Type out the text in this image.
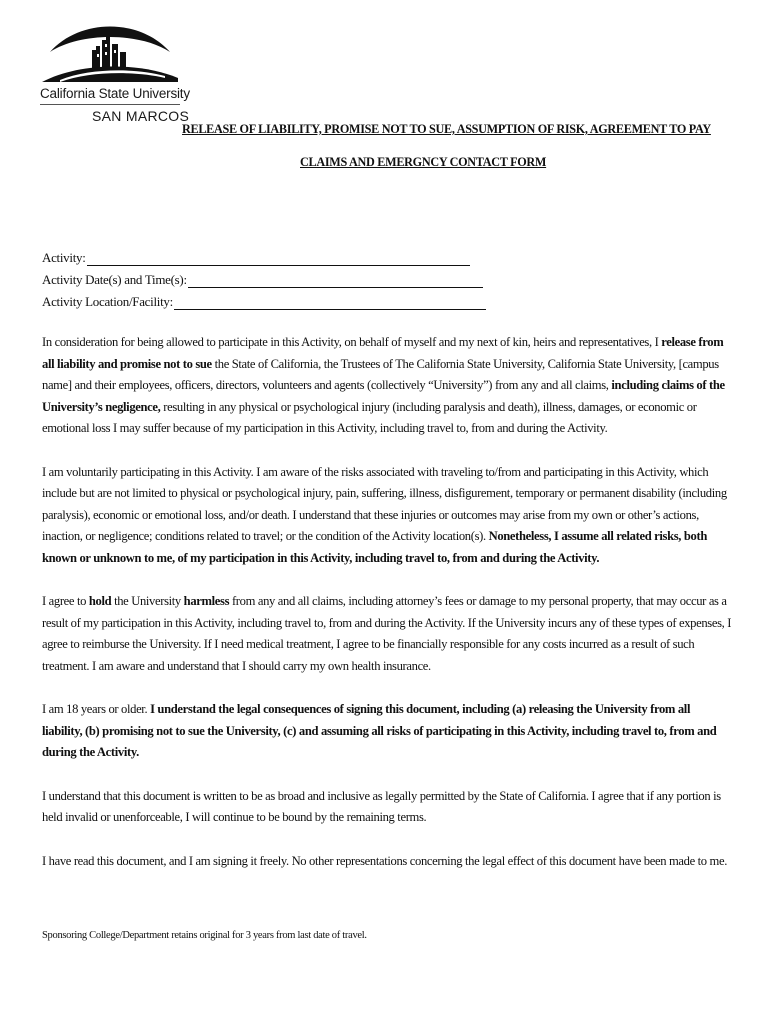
California State University
SAN MARCOS
RELEASE OF LIABILITY, PROMISE NOT TO SUE, ASSUMPTION OF RISK, AGREEMENT TO PAY
CLAIMS AND EMERGNCY CONTACT FORM
Activity:
Activity Date(s) and Time(s):
Activity Location/Facility:

In consideration for being allowed to participate in this Activity, on behalf of myself and my next of kin, heirs and representatives, I release from all liability and promise not to sue the State of California, the Trustees of The California State University, California State University, [campus name] and their employees, officers, directors, volunteers and agents (collectively “University”) from any and all claims, including claims of the University’s negligence, resulting in any physical or psychological injury (including paralysis and death), illness, damages, or economic or emotional loss I may suffer because of my participation in this Activity, including travel to, from and during the Activity.

I am voluntarily participating in this Activity. I am aware of the risks associated with traveling to/from and participating in this Activity, which include but are not limited to physical or psychological injury, pain, suffering, illness, disfigurement, temporary or permanent disability (including paralysis), economic or emotional loss, and/or death. I understand that these injuries or outcomes may arise from my own or other’s actions, inaction, or negligence; conditions related to travel; or the condition of the Activity location(s). Nonetheless, I assume all related risks, both known or unknown to me, of my participation in this Activity, including travel to, from and during the Activity.

I agree to hold the University harmless from any and all claims, including attorney’s fees or damage to my personal property, that may occur as a result of my participation in this Activity, including travel to, from and during the Activity. If the University incurs any of these types of expenses, I agree to reimburse the University. If I need medical treatment, I agree to be financially responsible for any costs incurred as a result of such treatment. I am aware and understand that I should carry my own health insurance.

I am 18 years or older. I understand the legal consequences of signing this document, including (a) releasing the University from all liability, (b) promising not to sue the University, (c) and assuming all risks of participating in this Activity, including travel to, from and during the Activity.

I understand that this document is written to be as broad and inclusive as legally permitted by the State of California. I agree that if any portion is held invalid or unenforceable, I will continue to be bound by the remaining terms.

I have read this document, and I am signing it freely. No other representations concerning the legal effect of this document have been made to me.

Sponsoring College/Department retains original for 3 years from last date of travel.
